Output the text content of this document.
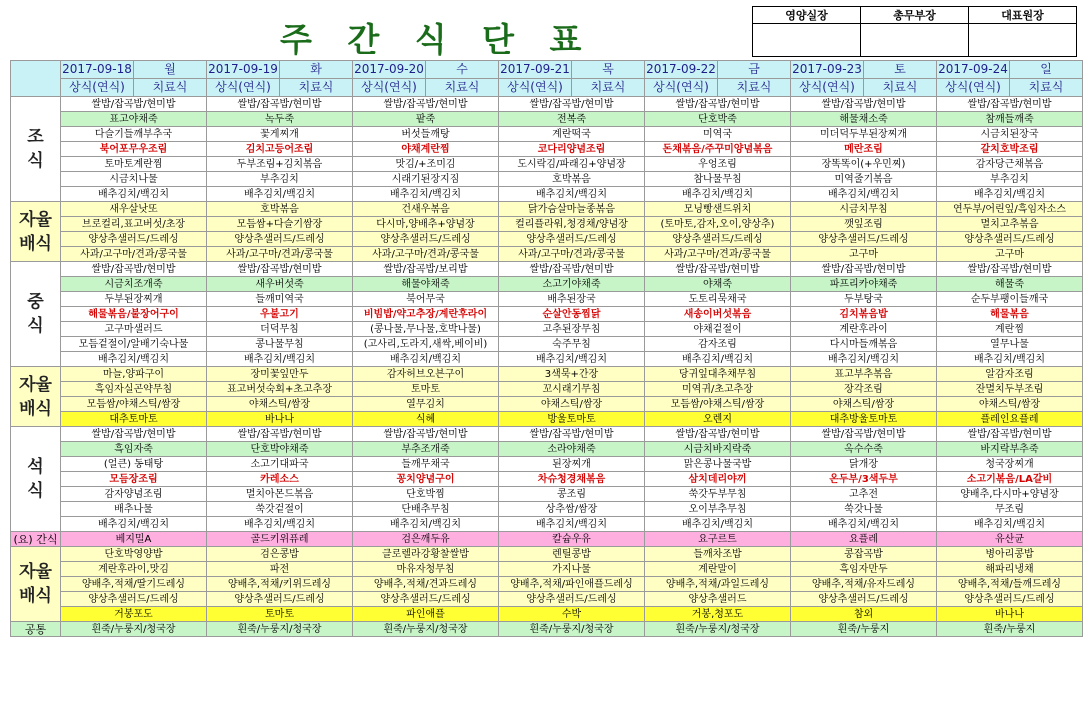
주 간 식 단 표
영양실장	총무부장	대표원장

	2017-09-18	월	2017-09-19	화	2017-09-20	수	2017-09-21	목	2017-09-22	금	2017-09-23	토	2017-09-24	일
	상식(연식)	치료식	상식(연식)	치료식	상식(연식)	치료식	상식(연식)	치료식	상식(연식)	치료식	상식(연식)	치료식	상식(연식)	치료식
조
식	쌀밥/잡곡밥/현미밥		쌀밥/잡곡밥/현미밥		쌀밥/잡곡밥/현미밥		쌀밥/잡곡밥/현미밥		쌀밥/잡곡밥/현미밥		쌀밥/잡곡밥/현미밥		쌀밥/잡곡밥/현미밥	
	표고야채죽		녹두죽		팥죽		전복죽		단호박죽		해물채소죽		참깨들깨죽	
	다슬기들깨부추국		꽃게찌개		버섯들깨탕		계란떡국		미역국		미더덕두부된장찌개		시금치된장국	
	북어포무우조림		김치고등어조림		야채계란찜		코다리양념조림		돈채볶음/주꾸미양념볶음		메란조림		갈치호박조림	
	토마토계란찜		두부조림+김치볶음		맛김/+조미김		도시락김/파래김+양념장		우엉조림		장똑똑이(+우민찌)		감자당근채볶음	
	시금치나물		부추김치		시래기된장지짐		호박볶음		참나물무침		미역줄기볶음		부추김치	
	배추김치/백김치		배추김치/백김치		배추김치/백김치		배추김치/백김치		배추김치/백김치		배추김치/백김치		배추김치/백김치	
자율
배식	새우살낫또		호박볶음		건새우볶음		닭가슴살마늘종볶음		모닝빵샌드위치		시금치무침		연두부/어린잎/흑임자소스	
	브로컬리,표고버섯/초장		모듬쌈+다슬기쌈장		다시마,양배추+양념장		컬리플라워,청경채/양념장		(토마토,감자,오이,양상추)		깻잎조림		멸치고추볶음	
	양상추샐러드/드레싱		양상추샐러드/드레싱		양상추샐러드/드레싱		양상추샐러드/드레싱		양상추샐러드/드레싱		양상추샐러드/드레싱		양상추샐러드/드레싱	
	사과/고구마/견과/콩국물		사과/고구마/견과/콩국물		사과/고구마/견과/콩국물		사과/고구마/견과/콩국물		사과/고구마/견과/콩국물		고구마		고구마	
중
식	쌀밥/잡곡밥/현미밥		쌀밥/잡곡밥/현미밥		쌀밥/잡곡밥/보리밥		쌀밥/잡곡밥/현미밥		쌀밥/잡곡밥/현미밥		쌀밥/잡곡밥/현미밥		쌀밥/잡곡밥/현미밥	
	시금치조개죽		새우버섯죽		해물야채죽		소고기야채죽		야채죽		파프리카야채죽		해물죽	
	두부된장찌개		들깨미역국		북어무국		배추된장국		도토리묵채국		두부탕국		순두부팽이들깨국	
	해물볶음/불장어구이		우불고기		비빔밥/약고추장/계란후라이		순살안동찜닭		새송이버섯볶음		김치볶음밥		해물볶음	
	고구마샐러드		더덕무침		(콩나물,무나물,호박나물)		고추된장무침		야채겉절이		계란후라이		계란찜	
	모듬겉절이/알배기숙나물		콩나물무침		(고사리,도라지,새싹,베이비)		숙주무침		감자조림		다시마들깨볶음		열무나물	
	배추김치/백김치		배추김치/백김치		배추김치/백김치		배추김치/백김치		배추김치/백김치		배추김치/백김치		배추김치/백김치	
자율
배식	마늘,양파구이		장미꽃잎만두		감자허브오븐구이		3색묵+간장		당귀잎대추채무침		표고부추볶음		알감자조림	
	흑임자실곤약무침		표고버섯숙회+초고추장		토마토		꼬시래기무침		미역귀/초고추장		장각조림		잔멸치두부조림	
	모듬쌈/야채스틱/쌈장		야채스틱/쌈장		열무김치		야채스틱/쌈장		모듬쌈/야채스틱/쌈장		야채스틱/쌈장		야채스틱/쌈장	
	대추토마토		바나나		식혜		방울토마토		오렌지		대추방울토마토		플레인요플레	
석
식	쌀밥/잡곡밥/현미밥		쌀밥/잡곡밥/현미밥		쌀밥/잡곡밥/현미밥		쌀밥/잡곡밥/현미밥		쌀밥/잡곡밥/현미밥		쌀밥/잡곡밥/현미밥		쌀밥/잡곡밥/현미밥	
	흑임자죽		단호박야채죽		부추조개죽		소라야채죽		시금치바지락죽		옥수수죽		바지락부추죽	
	(얼큰) 동태탕		소고기대파국		들깨무채국		된장찌개		맑은콩나물국밥		닭개장		청국장찌개	
	모듬장조림		카레소스		꽁치양념구이		차슈청경채볶음		삼치데리야끼		온두부/3색두부		소고기볶음/LA갈비	
	감자양념조림		멸치아몬드볶음		단호박찜		콩조림		쑥갓두부무침		고추전		양배추,다시마+양념장	
	배추나물		쑥갓겉절이		단배추무침		상추쌈/쌈장		오이부추무침		쑥갓나물		무조림	
	배추김치/백김치		배추김치/백김치		배추김치/백김치		배추김치/백김치		배추김치/백김치		배추김치/백김치		배추김치/백김치	
(요) 간식	베지밀A		골드키위퓨레		검은깨두유		칼슘우유		요구르트		요플레		유산균	
자율
배식	단호박영양밥		검은콩밥		클로렐라강황찰쌀밥		렌틸콩밥		들깨차조밥		콩잡곡밥		병아리콩밥	
	계란후라이,맛김		파전		마유자청무침		가지나물		계란말이		흑임자만두		해파리냉채	
	양배추,적채/딸기드레싱		양배추,적채/키위드레싱		양배추,적채/견과드레싱		양배추,적채/파인애플드레싱		양배추,적채/과일드레싱		양배추,적채/유자드레싱		양배추,적채/들깨드레싱	
	양상추샐러드/드레싱		양상추샐러드/드레싱		양상추샐러드/드레싱		양상추샐러드/드레싱		양상추샐러드		양상추샐러드/드레싱		양상추샐러드/드레싱	
	거봉포도		토마토		파인애플		수박		거봉,청포도		참외		바나나	
공통	흰죽/누룽지/청국장		흰죽/누룽지/청국장		흰죽/누룽지/청국장		흰죽/누룽지/청국장		흰죽/누룽지/청국장		흰죽/누룽지		흰죽/누룽지	
